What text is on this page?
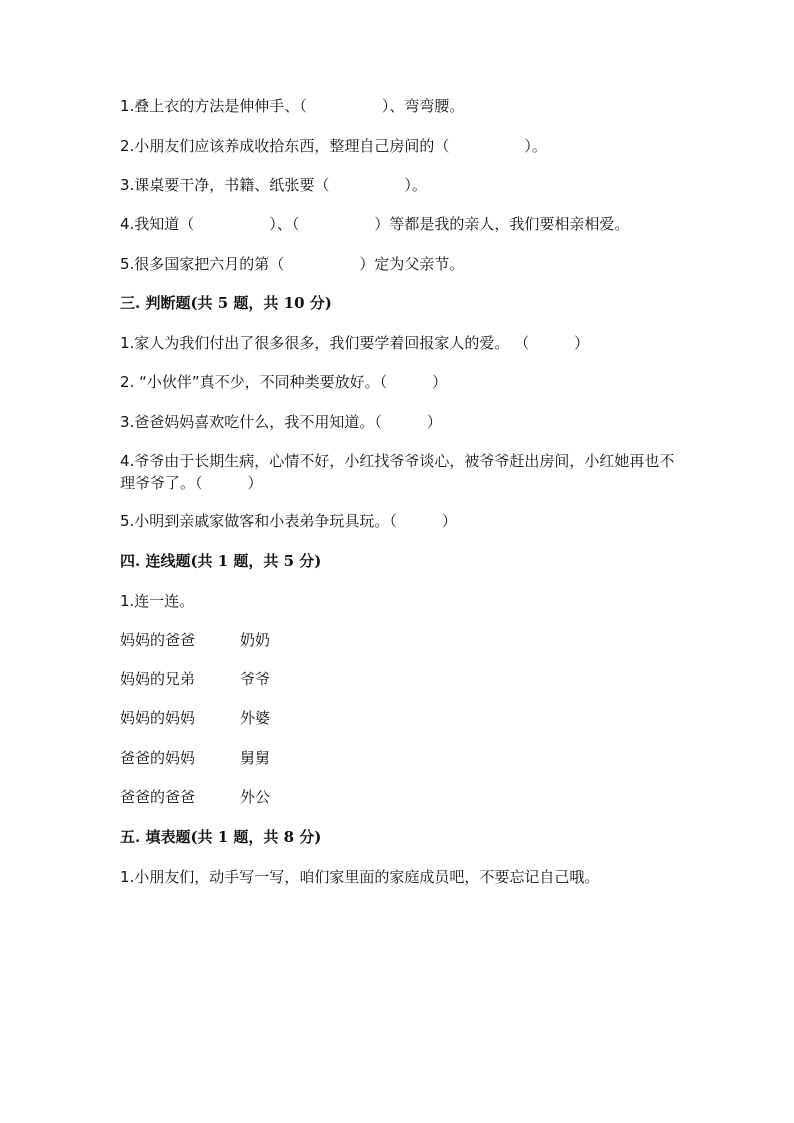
1.叠上衣的方法是伸伸手、（　　　　　）、弯弯腰。
2.小朋友们应该养成收拾东西，整理自己房间的（　　　　　）。
3.课桌要干净，书籍、纸张要（　　　　　）。
4.我知道（　　　　　）、（　　　　　）等都是我的亲人，我们要相亲相爱。
5.很多国家把六月的第（　　　　　）定为父亲节。
三. 判断题(共 5 题，共 10 分)
1.家人为我们付出了很多很多，我们要学着回报家人的爱。 （　　　）
2. “小伙伴”真不少，不同种类要放好。（　　　）
3.爸爸妈妈喜欢吃什么，我不用知道。（　　　）
4.爷爷由于长期生病，心情不好，小红找爷爷谈心，被爷爷赶出房间，小红她再也不理爷爷了。（　　　）
5.小明到亲戚家做客和小表弟争玩具玩。（　　　）
四. 连线题(共 1 题，共 5 分)
1.连一连。
妈妈的爸爸	奶奶
妈妈的兄弟	爷爷
妈妈的妈妈	外婆
爸爸的妈妈	舅舅
爸爸的爸爸	外公
五. 填表题(共 1 题，共 8 分)
1.小朋友们，动手写一写，咱们家里面的家庭成员吧，不要忘记自己哦。
